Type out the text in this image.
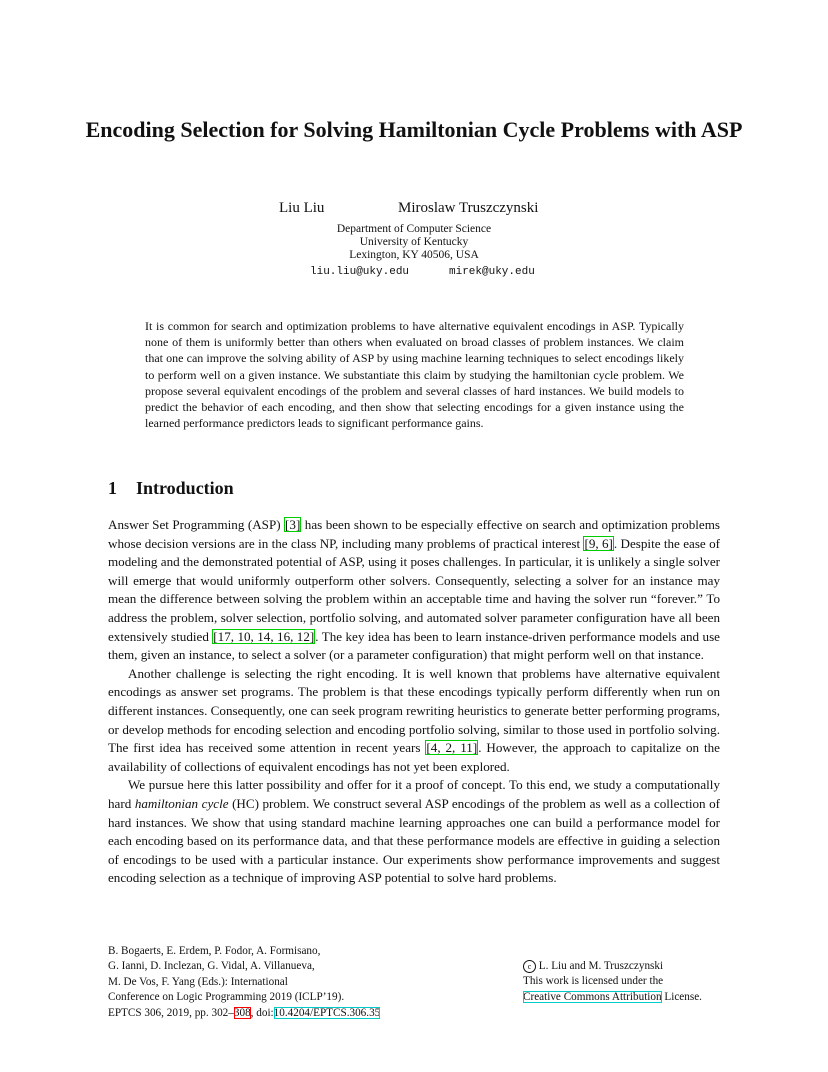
Encoding Selection for Solving Hamiltonian Cycle Problems with ASP
Liu Liu	Miroslaw Truszczynski
Department of Computer Science
University of Kentucky
Lexington, KY 40506, USA
liu.liu@uky.edu	mirek@uky.edu

It is common for search and optimization problems to have alternative equivalent encodings in ASP. Typically none of them is uniformly better than others when evaluated on broad classes of problem instances. We claim that one can improve the solving ability of ASP by using machine learning techniques to select encodings likely to perform well on a given instance. We substantiate this claim by studying the hamiltonian cycle problem. We propose several equivalent encodings of the problem and several classes of hard instances. We build models to predict the behavior of each encoding, and then show that selecting encodings for a given instance using the learned performance predictors leads to significant performance gains.

1 Introduction

Answer Set Programming (ASP) [3] has been shown to be especially effective on search and optimization problems whose decision versions are in the class NP, including many problems of practical interest [9, 6]. Despite the ease of modeling and the demonstrated potential of ASP, using it poses challenges. In particular, it is unlikely a single solver will emerge that would uniformly outperform other solvers. Consequently, selecting a solver for an instance may mean the difference between solving the problem within an acceptable time and having the solver run “forever.” To address the problem, solver selection, portfolio solving, and automated solver parameter configuration have all been extensively studied [17, 10, 14, 16, 12]. The key idea has been to learn instance-driven performance models and use them, given an instance, to select a solver (or a parameter configuration) that might perform well on that instance.

Another challenge is selecting the right encoding. It is well known that problems have alternative equivalent encodings as answer set programs. The problem is that these encodings typically perform differently when run on different instances. Consequently, one can seek program rewriting heuristics to generate better performing programs, or develop methods for encoding selection and encoding portfolio solving, similar to those used in portfolio solving. The first idea has received some attention in recent years [4, 2, 11]. However, the approach to capitalize on the availability of collections of equivalent encodings has not yet been explored.

We pursue here this latter possibility and offer for it a proof of concept. To this end, we study a computationally hard hamiltonian cycle (HC) problem. We construct several ASP encodings of the problem as well as a collection of hard instances. We show that using standard machine learning approaches one can build a performance model for each encoding based on its performance data, and that these performance models are effective in guiding a selection of encodings to be used with a particular instance. Our experiments show performance improvements and suggest encoding selection as a technique of improving ASP potential to solve hard problems.

B. Bogaerts, E. Erdem, P. Fodor, A. Formisano,
G. Ianni, D. Inclezan, G. Vidal, A. Villanueva,
M. De Vos, F. Yang (Eds.): International
Conference on Logic Programming 2019 (ICLP’19).
EPTCS 306, 2019, pp. 302–308, doi:10.4204/EPTCS.306.35
c L. Liu and M. Truszczynski
This work is licensed under the
Creative Commons Attribution License.
